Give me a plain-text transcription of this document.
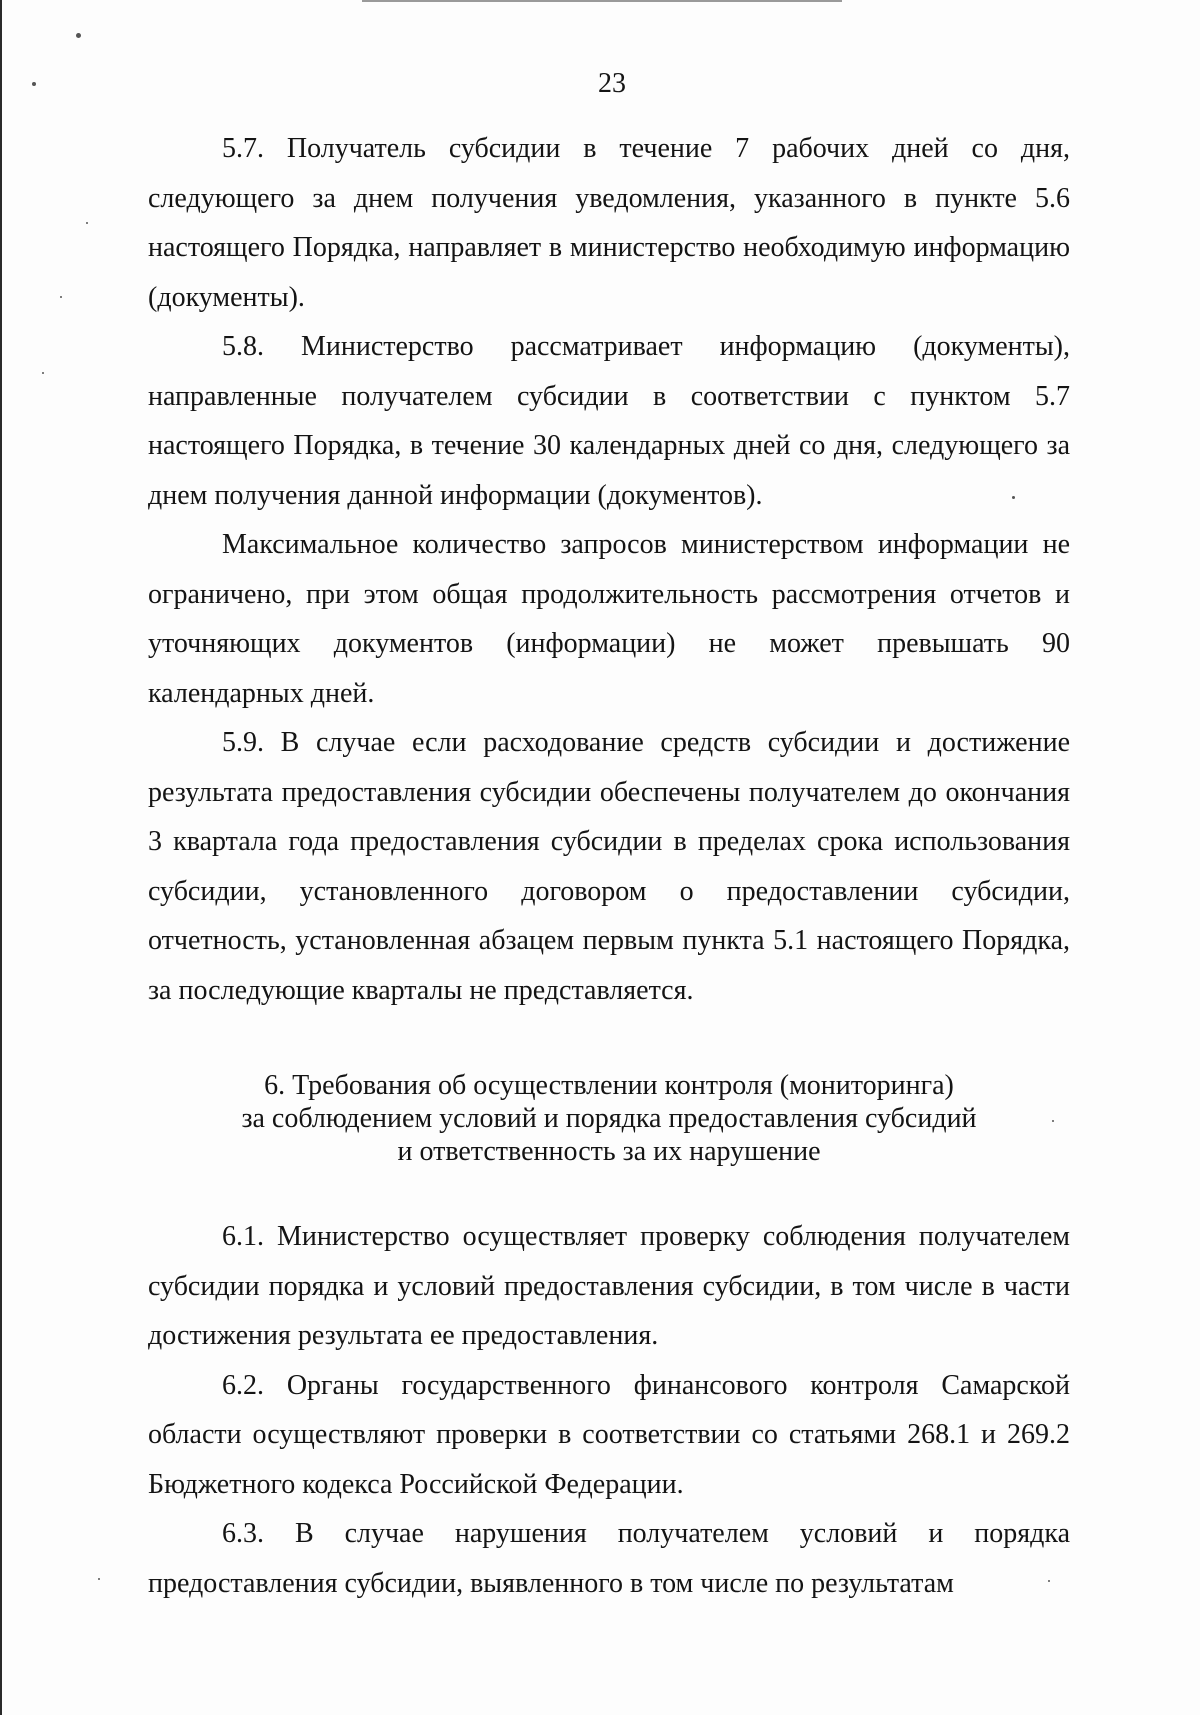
23

5.7. Получатель субсидии в течение 7 рабочих дней со дня, следующего за днем получения уведомления, указанного в пункте 5.6 настоящего Порядка, направляет в министерство необходимую информацию (документы).

5.8. Министерство рассматривает информацию (документы), направленные получателем субсидии в соответствии с пунктом 5.7 настоящего Порядка, в течение 30 календарных дней со дня, следующего за днем получения данной информации (документов).

Максимальное количество запросов министерством информации не ограничено, при этом общая продолжительность рассмотрения отчетов и уточняющих документов (информации) не может превышать 90 календарных дней.

5.9. В случае если расходование средств субсидии и достижение результата предоставления субсидии обеспечены получателем до окончания 3 квартала года предоставления субсидии в пределах срока использования субсидии, установленного договором о предоставлении субсидии, отчетность, установленная абзацем первым пункта 5.1 настоящего Порядка, за последующие кварталы не представляется.

6. Требования об осуществлении контроля (мониторинга)
за соблюдением условий и порядка предоставления субсидий
и ответственность за их нарушение

6.1. Министерство осуществляет проверку соблюдения получателем субсидии порядка и условий предоставления субсидии, в том числе в части достижения результата ее предоставления.

6.2. Органы государственного финансового контроля Самарской области осуществляют проверки в соответствии со статьями 268.1 и 269.2 Бюджетного кодекса Российской Федерации.

6.3. В случае нарушения получателем условий и порядка предоставления субсидии, выявленного в том числе по результатам
